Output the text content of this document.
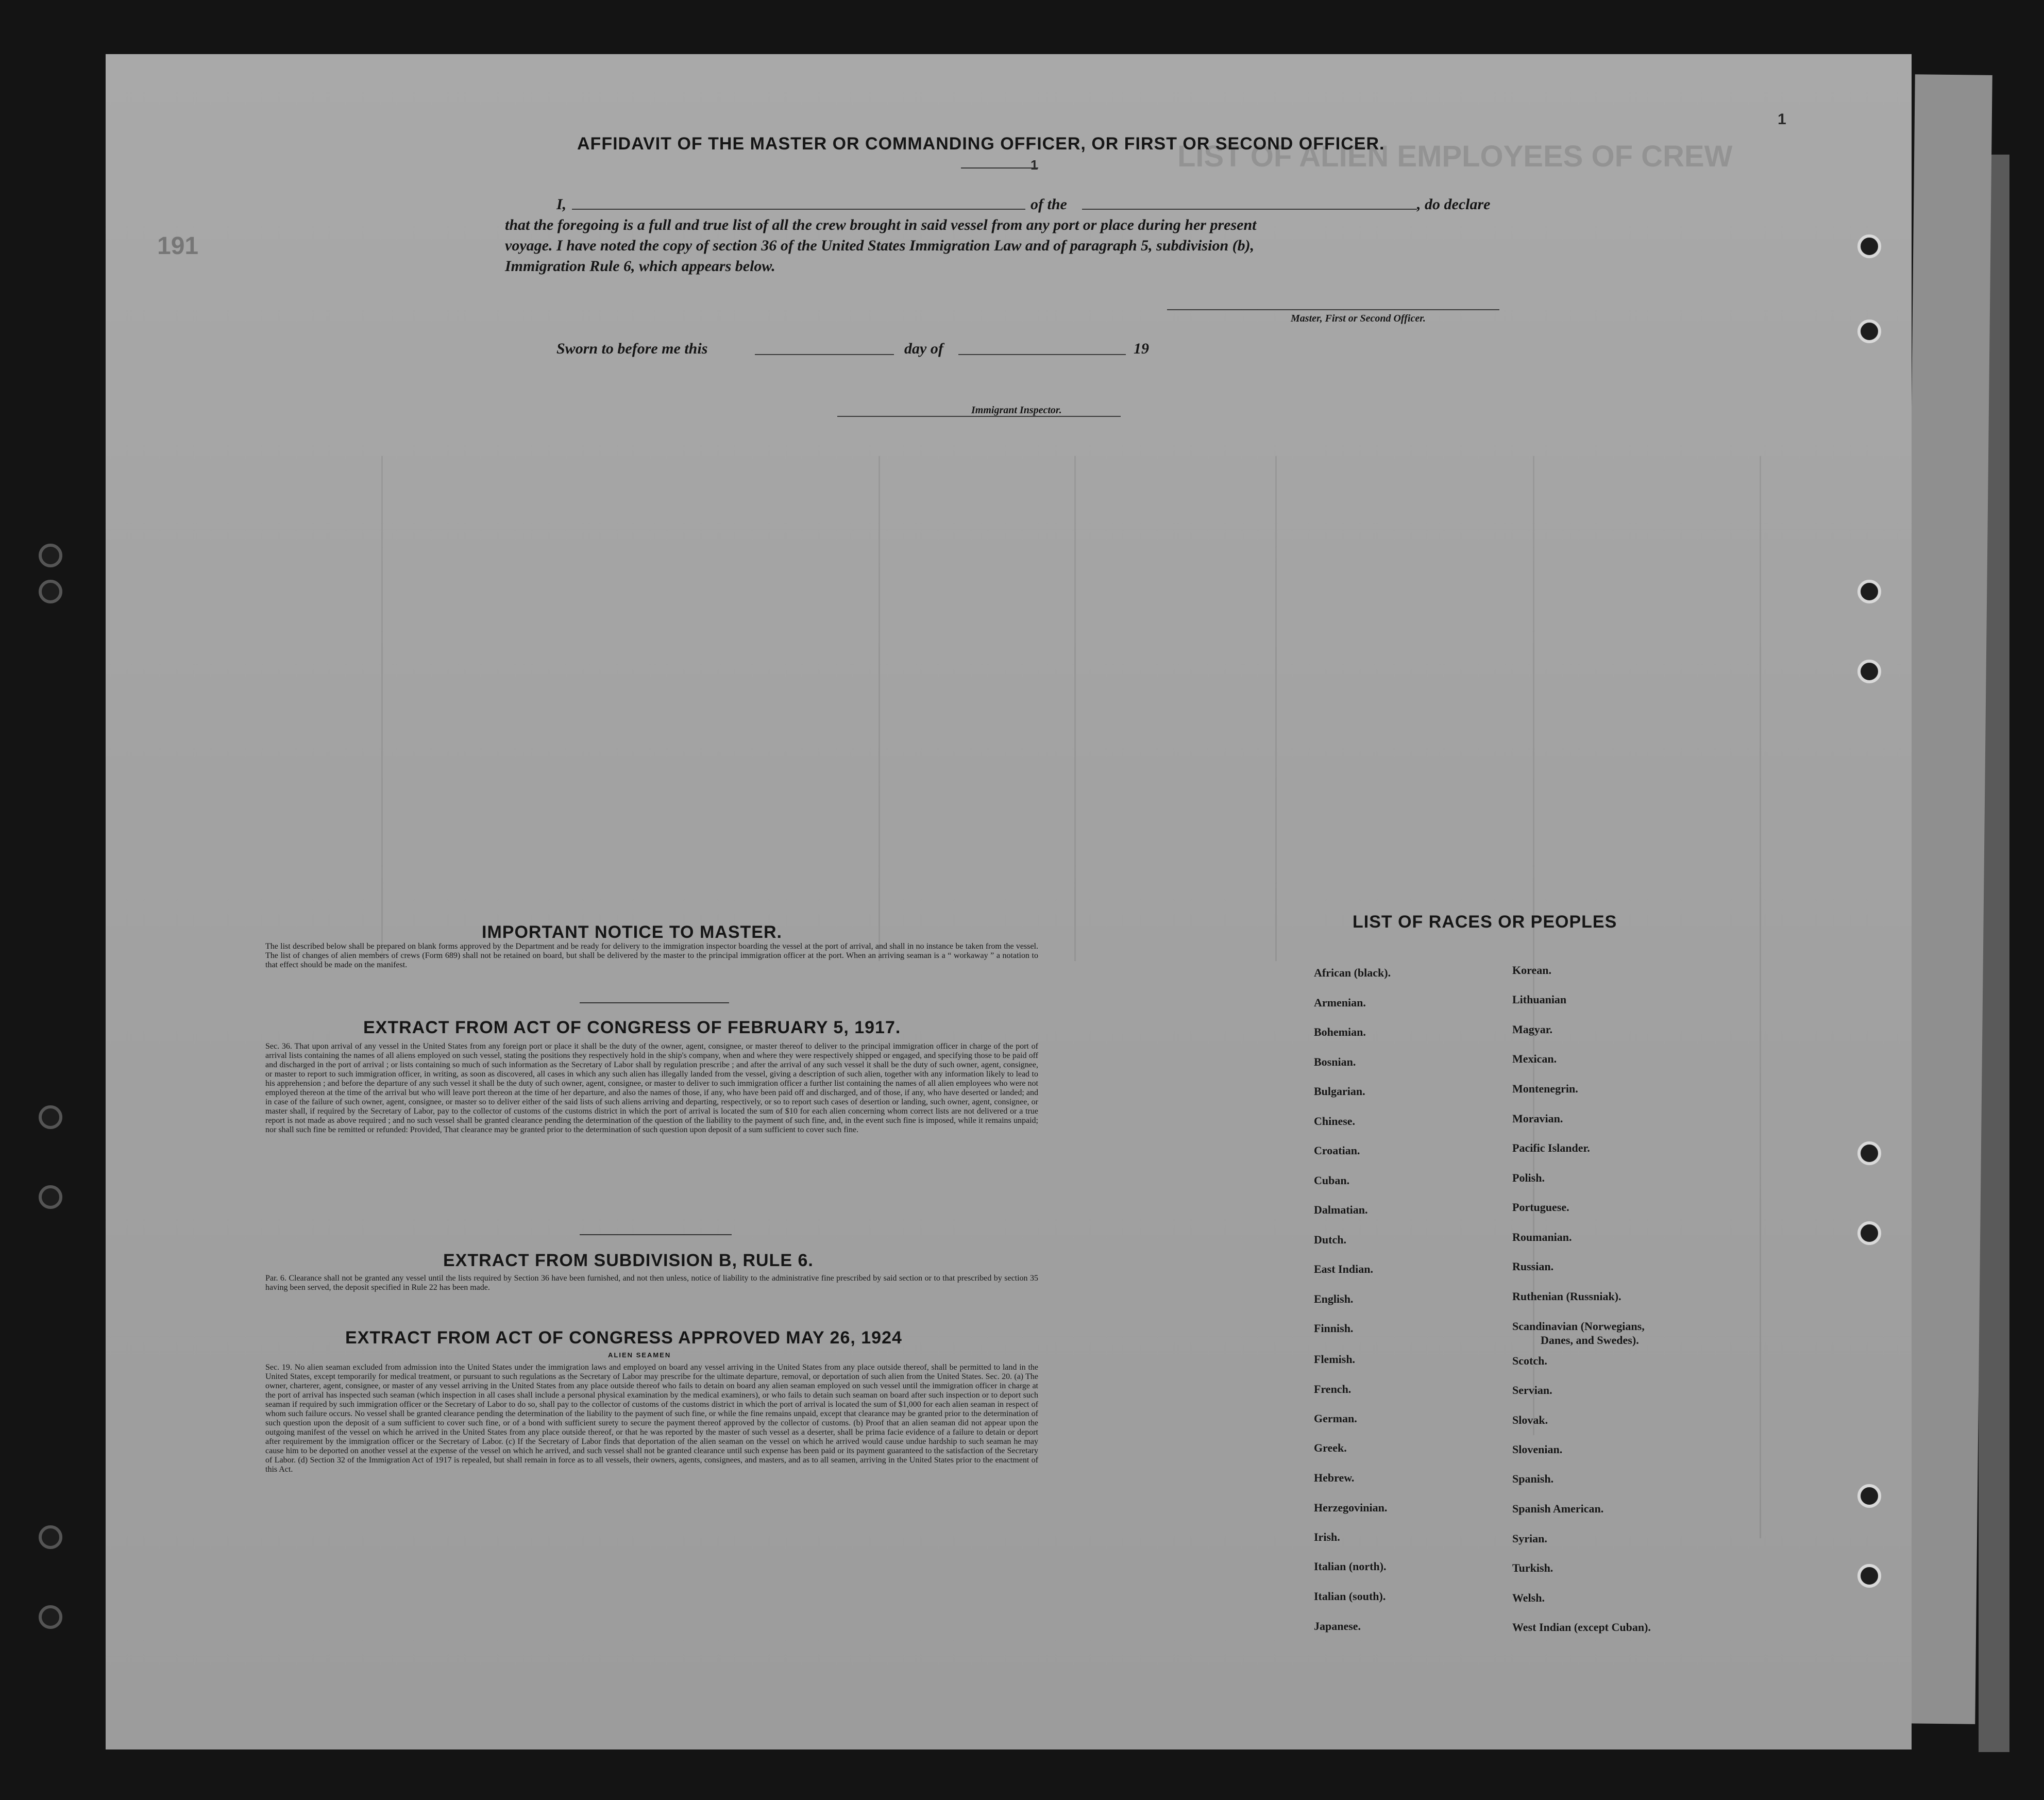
LIST OF ALIEN EMPLOYEES OF CREW
191
1
1
AFFIDAVIT OF THE MASTER OR COMMANDING OFFICER, OR FIRST OR SECOND OFFICER.
I,	of the	, do declare
that the foregoing is a full and true list of all the crew brought in said vessel from any port or place during her present
voyage. I have noted the copy of section 36 of the United States Immigration Law and of paragraph 5, subdivision (b),
Immigration Rule 6, which appears below.
Master, First or Second Officer.
Sworn to before me this	day of	19
Immigrant Inspector.
IMPORTANT NOTICE TO MASTER.
The list described below shall be prepared on blank forms approved by the Department and be ready for delivery to the immigration inspector boarding the vessel at the port of arrival, and shall in no instance be taken from the vessel. The list of changes of alien members of crews (Form 689) shall not be retained on board, but shall be delivered by the master to the principal immigration officer at the port. When an arriving seaman is a “ workaway ” a notation to that effect should be made on the manifest.
EXTRACT FROM ACT OF CONGRESS OF FEBRUARY 5, 1917.
Sec. 36. That upon arrival of any vessel in the United States from any foreign port or place it shall be the duty of the owner, agent, consignee, or master thereof to deliver to the principal immigration officer in charge of the port of arrival lists containing the names of all aliens employed on such vessel, stating the positions they respectively hold in the ship's company, when and where they were respectively shipped or engaged, and specifying those to be paid off and discharged in the port of arrival ; or lists containing so much of such information as the Secretary of Labor shall by regulation prescribe ; and after the arrival of any such vessel it shall be the duty of such owner, agent, consignee, or master to report to such immigration officer, in writing, as soon as discovered, all cases in which any such alien has illegally landed from the vessel, giving a description of such alien, together with any information likely to lead to his apprehension ; and before the departure of any such vessel it shall be the duty of such owner, agent, consignee, or master to deliver to such immigration officer a further list containing the names of all alien employees who were not employed thereon at the time of the arrival but who will leave port thereon at the time of her departure, and also the names of those, if any, who have been paid off and discharged, and of those, if any, who have deserted or landed; and in case of the failure of such owner, agent, consignee, or master so to deliver either of the said lists of such aliens arriving and departing, respectively, or so to report such cases of desertion or landing, such owner, agent, consignee, or master shall, if required by the Secretary of Labor, pay to the collector of customs of the customs district in which the port of arrival is located the sum of $10 for each alien concerning whom correct lists are not delivered or a true report is not made as above required ; and no such vessel shall be granted clearance pending the determination of the question of the liability to the payment of such fine, and, in the event such fine is imposed, while it remains unpaid; nor shall such fine be remitted or refunded: Provided, That clearance may be granted prior to the determination of such question upon deposit of a sum sufficient to cover such fine.
EXTRACT FROM SUBDIVISION B, RULE 6.
Par. 6. Clearance shall not be granted any vessel until the lists required by Section 36 have been furnished, and not then unless, notice of liability to the administrative fine prescribed by said section or to that prescribed by section 35 having been served, the deposit specified in Rule 22 has been made.
EXTRACT FROM ACT OF CONGRESS APPROVED MAY 26, 1924
ALIEN SEAMEN
Sec. 19. No alien seaman excluded from admission into the United States under the immigration laws and employed on board any vessel arriving in the United States from any place outside thereof, shall be permitted to land in the United States, except temporarily for medical treatment, or pursuant to such regulations as the Secretary of Labor may prescribe for the ultimate departure, removal, or deportation of such alien from the United States. Sec. 20. (a) The owner, charterer, agent, consignee, or master of any vessel arriving in the United States from any place outside thereof who fails to detain on board any alien seaman employed on such vessel until the immigration officer in charge at the port of arrival has inspected such seaman (which inspection in all cases shall include a personal physical examination by the medical examiners), or who fails to detain such seaman on board after such inspection or to deport such seaman if required by such immigration officer or the Secretary of Labor to do so, shall pay to the collector of customs of the customs district in which the port of arrival is located the sum of $1,000 for each alien seaman in respect of whom such failure occurs. No vessel shall be granted clearance pending the determination of the liability to the payment of such fine, or while the fine remains unpaid, except that clearance may be granted prior to the determination of such question upon the deposit of a sum sufficient to cover such fine, or of a bond with sufficient surety to secure the payment thereof approved by the collector of customs. (b) Proof that an alien seaman did not appear upon the outgoing manifest of the vessel on which he arrived in the United States from any place outside thereof, or that he was reported by the master of such vessel as a deserter, shall be prima facie evidence of a failure to detain or deport after requirement by the immigration officer or the Secretary of Labor. (c) If the Secretary of Labor finds that deportation of the alien seaman on the vessel on which he arrived would cause undue hardship to such seaman he may cause him to be deported on another vessel at the expense of the vessel on which he arrived, and such vessel shall not be granted clearance until such expense has been paid or its payment guaranteed to the satisfaction of the Secretary of Labor. (d) Section 32 of the Immigration Act of 1917 is repealed, but shall remain in force as to all vessels, their owners, agents, consignees, and masters, and as to all seamen, arriving in the United States prior to the enactment of this Act.
LIST OF RACES OR PEOPLES
African (black).
Armenian.
Bohemian.
Bosnian.
Bulgarian.
Chinese.
Croatian.
Cuban.
Dalmatian.
Dutch.
East Indian.
English.
Finnish.
Flemish.
French.
German.
Greek.
Hebrew.
Herzegovinian.
Irish.
Italian (north).
Italian (south).
Japanese.
Korean.
Lithuanian
Magyar.
Mexican.
Montenegrin.
Moravian.
Pacific Islander.
Polish.
Portuguese.
Roumanian.
Russian.
Ruthenian (Russniak).
Scandinavian (Norwegians,
Danes, and Swedes).
Scotch.
Servian.
Slovak.
Slovenian.
Spanish.
Spanish American.
Syrian.
Turkish.
Welsh.
West Indian (except Cuban).
